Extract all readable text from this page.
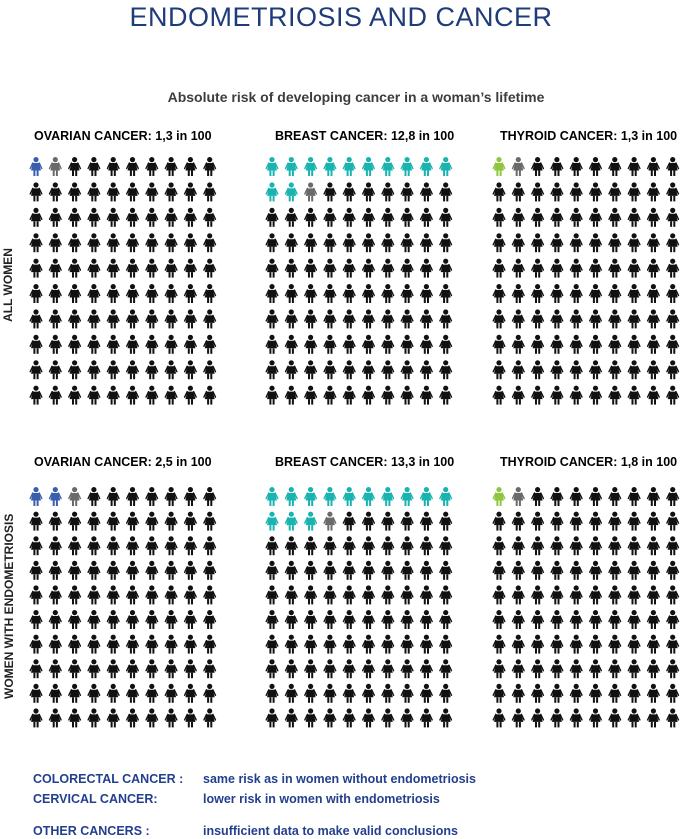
ENDOMETRIOSIS AND CANCER
Absolute risk of developing cancer in a woman’s lifetime
ALL WOMEN
WOMEN WITH ENDOMETRIOSIS
OVARIAN CANCER: 1,3 in 100	BREAST CANCER: 12,8 in 100	THYROID CANCER: 1,3 in 100
OVARIAN CANCER: 2,5 in 100	BREAST CANCER: 13,3 in 100	THYROID CANCER: 1,8 in 100
COLORECTAL CANCER : same risk as in women without endometriosis
CERVICAL CANCER:	lower risk in women with endometriosis
OTHER CANCERS :	insufficient data to make valid conclusions
